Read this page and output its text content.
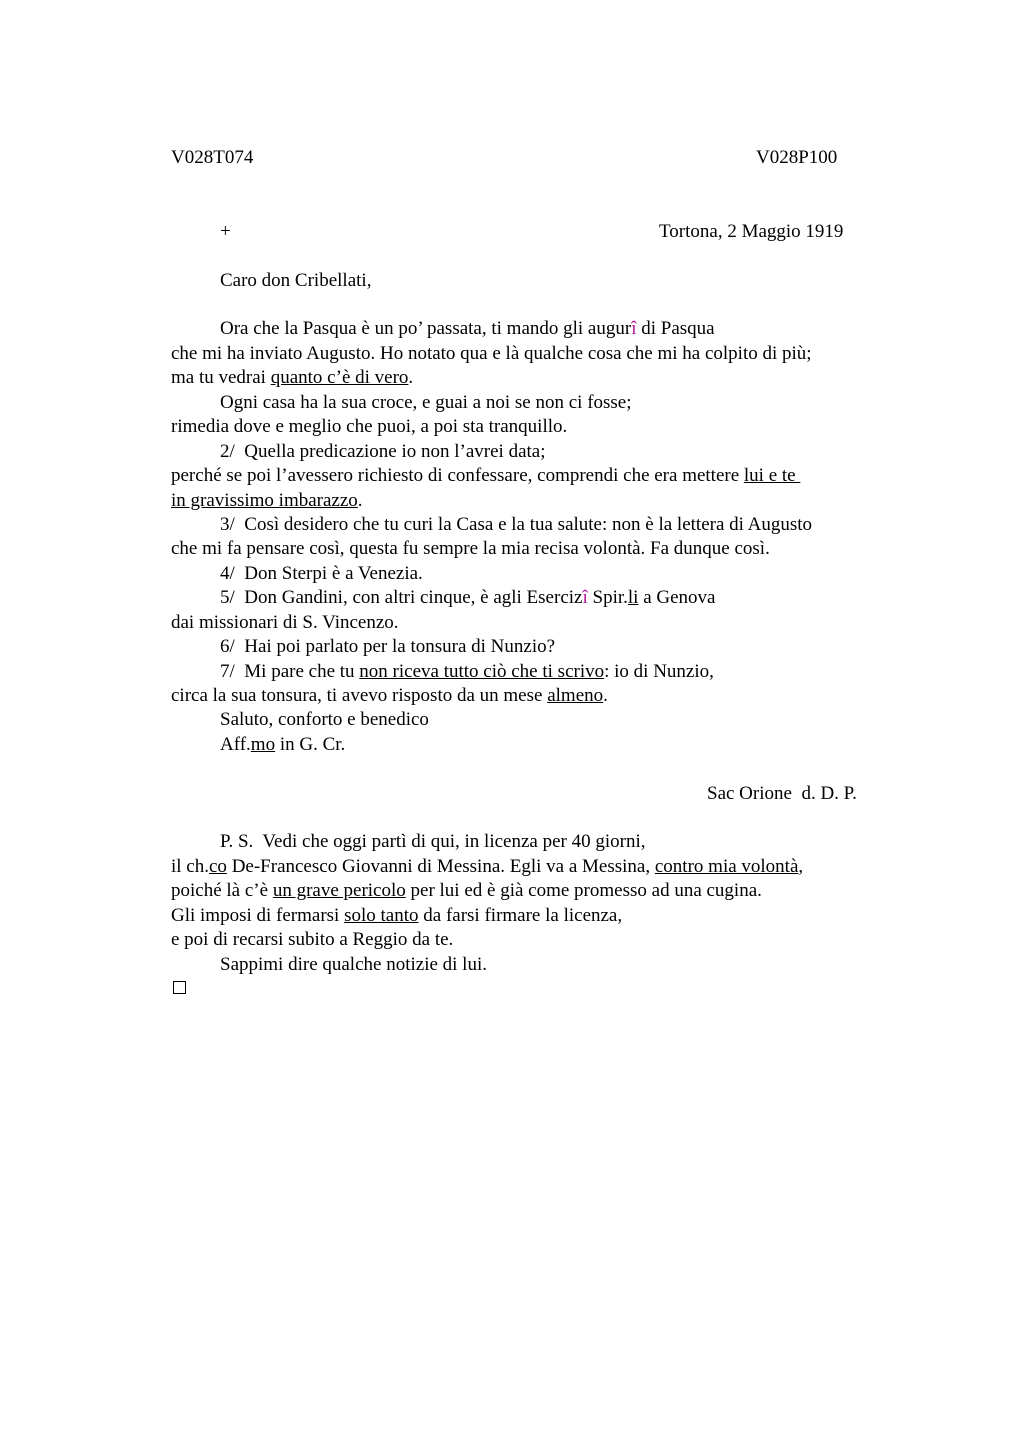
V028T074	V028P100
+	Tortona, 2 Maggio 1919
Caro don Cribellati,
Ora che la Pasqua è un po’ passata, ti mando gli augurî di Pasqua
che mi ha inviato Augusto. Ho notato qua e là qualche cosa che mi ha colpito di più;
ma tu vedrai quanto c’è di vero.
Ogni casa ha la sua croce, e guai a noi se non ci fosse;
rimedia dove e meglio che puoi, a poi sta tranquillo.
2/  Quella predicazione io non l’avrei data;
perché se poi l’avessero richiesto di confessare, comprendi che era mettere lui e te
in gravissimo imbarazzo.
3/  Così desidero che tu curi la Casa e la tua salute: non è la lettera di Augusto
che mi fa pensare così, questa fu sempre la mia recisa volontà. Fa dunque così.
4/  Don Sterpi è a Venezia.
5/  Don Gandini, con altri cinque, è agli Esercizî Spir.li a Genova
dai missionari di S. Vincenzo.
6/  Hai poi parlato per la tonsura di Nunzio?
7/  Mi pare che tu non riceva tutto ciò che ti scrivo: io di Nunzio,
circa la sua tonsura, ti avevo risposto da un mese almeno.
Saluto, conforto e benedico
Aff.mo in G. Cr.
Sac Orione  d. D. P.
P. S.  Vedi che oggi partì di qui, in licenza per 40 giorni,
il ch.co De-Francesco Giovanni di Messina. Egli va a Messina, contro mia volontà,
poiché là c’è un grave pericolo per lui ed è già come promesso ad una cugina.
Gli imposi di fermarsi solo tanto da farsi firmare la licenza,
e poi di recarsi subito a Reggio da te.
Sappimi dire qualche notizie di lui.
